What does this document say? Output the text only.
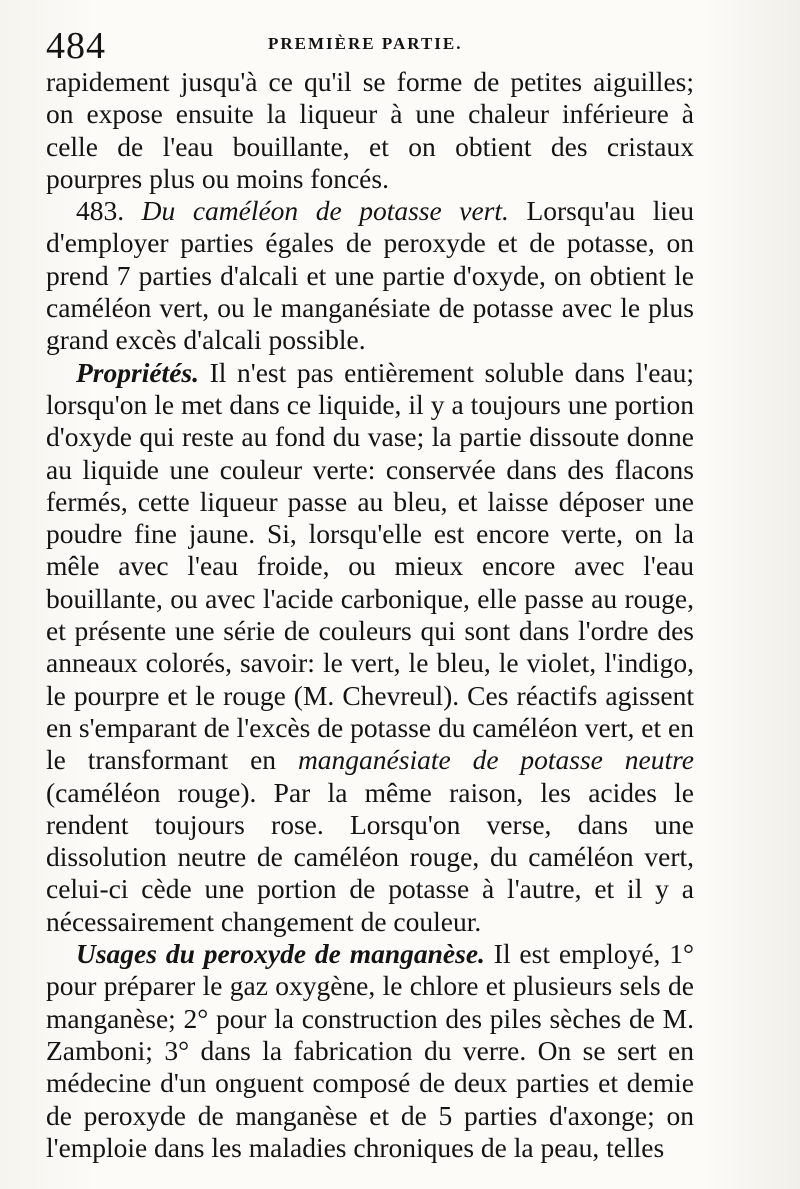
484	PREMIÈRE PARTIE.

rapidement jusqu'à ce qu'il se forme de petites aiguilles; on expose ensuite la liqueur à une chaleur inférieure à celle de l'eau bouillante, et on obtient des cristaux pourpres plus ou moins foncés.

483. Du caméléon de potasse vert. Lorsqu'au lieu d'employer parties égales de peroxyde et de potasse, on prend 7 parties d'alcali et une partie d'oxyde, on obtient le caméléon vert, ou le manganésiate de potasse avec le plus grand excès d'alcali possible.

Propriétés. Il n'est pas entièrement soluble dans l'eau; lorsqu'on le met dans ce liquide, il y a toujours une portion d'oxyde qui reste au fond du vase; la partie dissoute donne au liquide une couleur verte: conservée dans des flacons fermés, cette liqueur passe au bleu, et laisse déposer une poudre fine jaune. Si, lorsqu'elle est encore verte, on la mêle avec l'eau froide, ou mieux encore avec l'eau bouillante, ou avec l'acide carbonique, elle passe au rouge, et présente une série de couleurs qui sont dans l'ordre des anneaux colorés, savoir: le vert, le bleu, le violet, l'indigo, le pourpre et le rouge (M. Chevreul). Ces réactifs agissent en s'emparant de l'excès de potasse du caméléon vert, et en le transformant en manganésiate de potasse neutre (caméléon rouge). Par la même raison, les acides le rendent toujours rose. Lorsqu'on verse, dans une dissolution neutre de caméléon rouge, du caméléon vert, celui-ci cède une portion de potasse à l'autre, et il y a nécessairement changement de couleur.

Usages du peroxyde de manganèse. Il est employé, 1° pour préparer le gaz oxygène, le chlore et plusieurs sels de manganèse; 2° pour la construction des piles sèches de M. Zamboni; 3° dans la fabrication du verre. On se sert en médecine d'un onguent composé de deux parties et demie de peroxyde de manganèse et de 5 parties d'axonge; on l'emploie dans les maladies chroniques de la peau, telles
